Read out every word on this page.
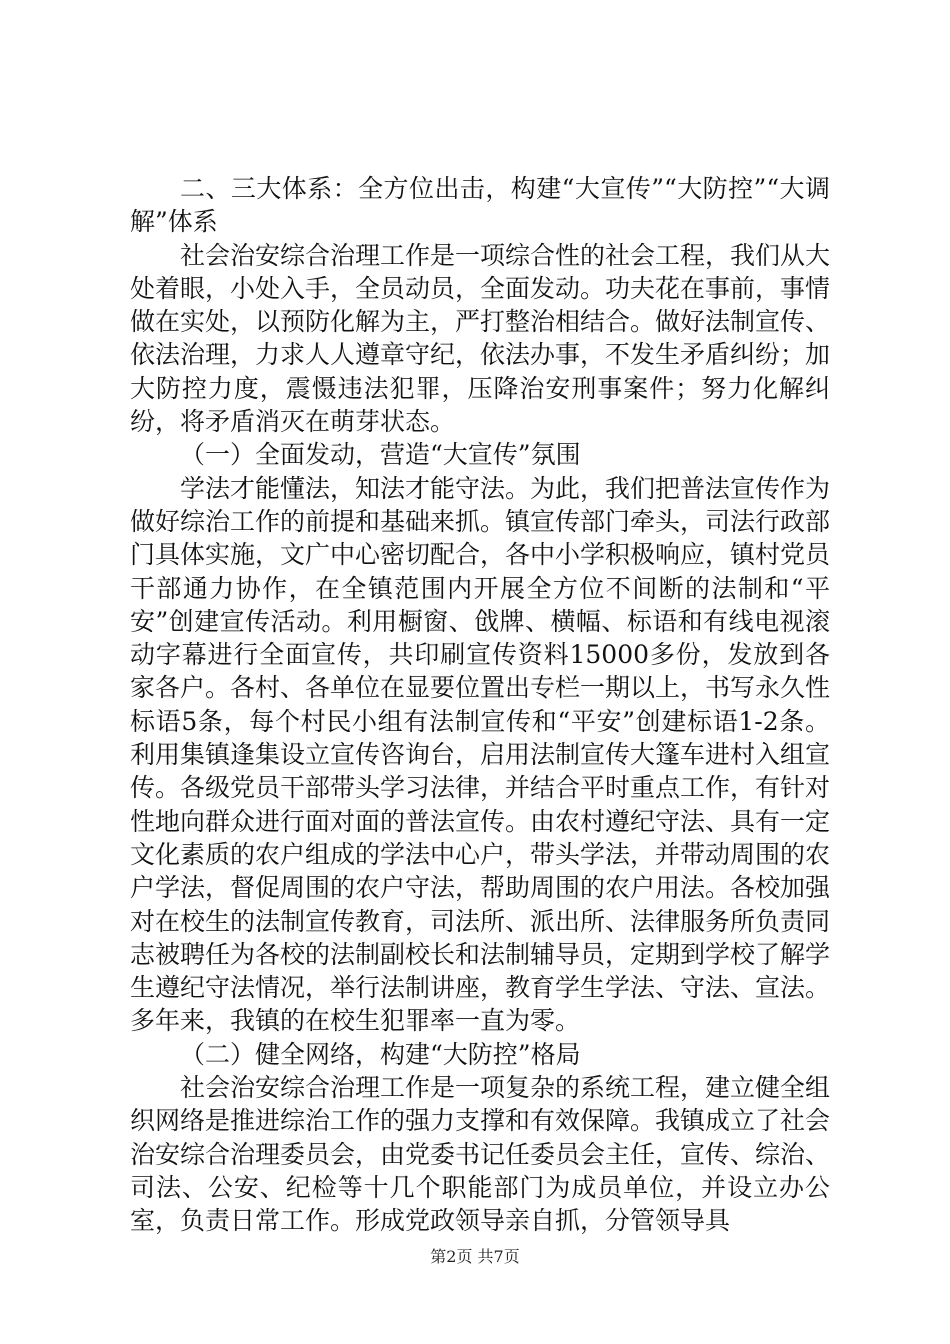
二、三大体系：全方位出击，构建“大宣传”“大防控”“大调解”体系

社会治安综合治理工作是一项综合性的社会工程，我们从大处着眼，小处入手，全员动员，全面发动。功夫花在事前，事情做在实处，以预防化解为主，严打整治相结合。做好法制宣传、依法治理，力求人人遵章守纪，依法办事，不发生矛盾纠纷；加大防控力度，震慑违法犯罪，压降治安刑事案件；努力化解纠纷，将矛盾消灭在萌芽状态。

（一）全面发动，营造“大宣传”氛围

学法才能懂法，知法才能守法。为此，我们把普法宣传作为做好综治工作的前提和基础来抓。镇宣传部门牵头，司法行政部门具体实施，文广中心密切配合，各中小学积极响应，镇村党员干部通力协作，在全镇范围内开展全方位不间断的法制和“平安”创建宣传活动。利用橱窗、戗牌、横幅、标语和有线电视滚动字幕进行全面宣传，共印刷宣传资料15000多份，发放到各家各户。各村、各单位在显要位置出专栏一期以上，书写永久性标语5条，每个村民小组有法制宣传和“平安”创建标语1-2条。利用集镇逢集设立宣传咨询台，启用法制宣传大篷车进村入组宣传。各级党员干部带头学习法律，并结合平时重点工作，有针对性地向群众进行面对面的普法宣传。由农村遵纪守法、具有一定文化素质的农户组成的学法中心户，带头学法，并带动周围的农户学法，督促周围的农户守法，帮助周围的农户用法。各校加强对在校生的法制宣传教育，司法所、派出所、法律服务所负责同志被聘任为各校的法制副校长和法制辅导员，定期到学校了解学生遵纪守法情况，举行法制讲座，教育学生学法、守法、宣法。多年来，我镇的在校生犯罪率一直为零。

（二）健全网络，构建“大防控”格局

社会治安综合治理工作是一项复杂的系统工程，建立健全组织网络是推进综治工作的强力支撑和有效保障。我镇成立了社会治安综合治理委员会，由党委书记任委员会主任，宣传、综治、司法、公安、纪检等十几个职能部门为成员单位，并设立办公室，负责日常工作。形成党政领导亲自抓，分管领导具

第2页 共7页
